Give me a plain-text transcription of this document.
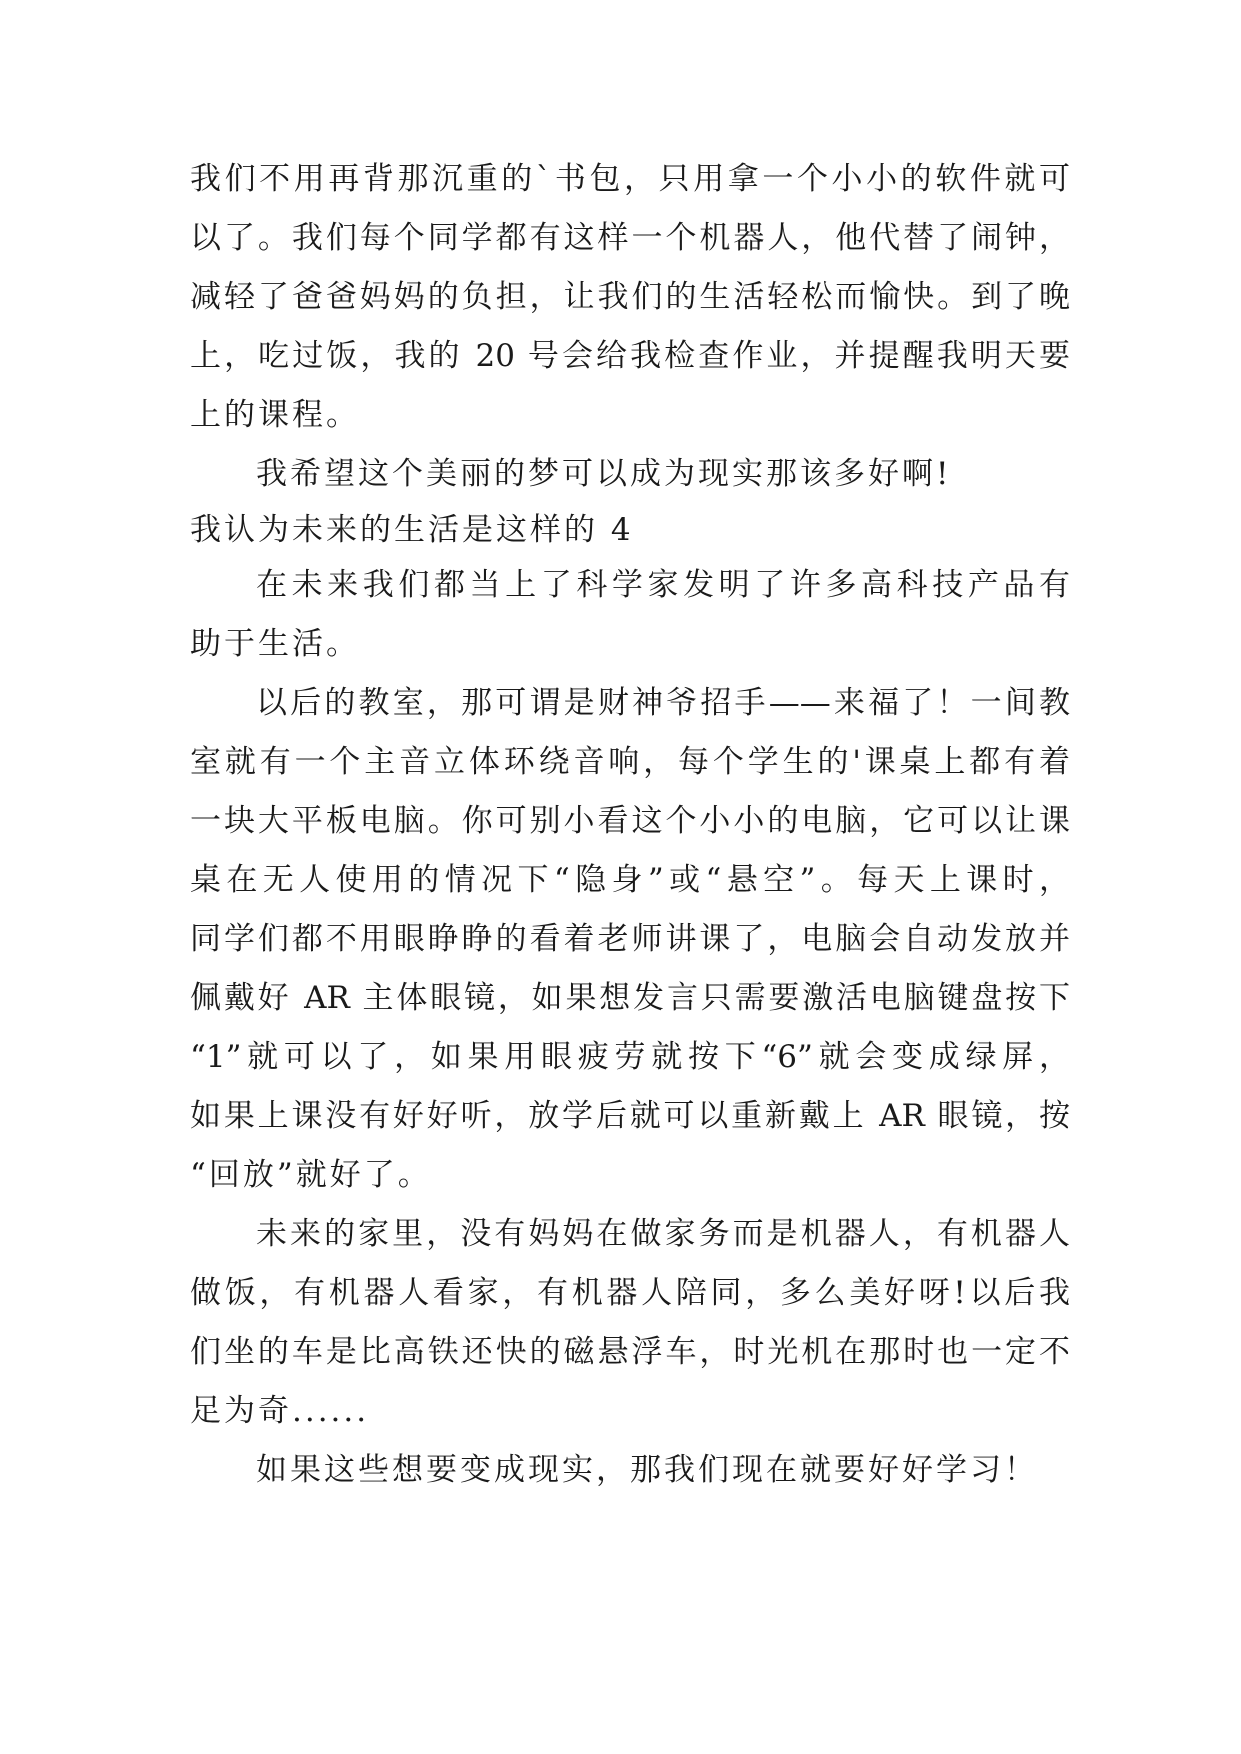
我们不用再背那沉重的`书包，只用拿一个小小的软件就可
以了。我们每个同学都有这样一个机器人，他代替了闹钟，
减轻了爸爸妈妈的负担，让我们的生活轻松而愉快。到了晚
上，吃过饭，我的 20 号会给我检查作业，并提醒我明天要
上的课程。
我希望这个美丽的梦可以成为现实那该多好啊!
我认为未来的生活是这样的 4
在未来我们都当上了科学家发明了许多高科技产品有
助于生活。
以后的教室，那可谓是财神爷招手——来福了！一间教
室就有一个主音立体环绕音响，每个学生的'课桌上都有着
一块大平板电脑。你可别小看这个小小的电脑，它可以让课
桌在无人使用的情况下“隐身”或“悬空”。每天上课时，
同学们都不用眼睁睁的看着老师讲课了，电脑会自动发放并
佩戴好 AR 主体眼镜，如果想发言只需要激活电脑键盘按下
“1”就可以了，如果用眼疲劳就按下“6”就会变成绿屏，
如果上课没有好好听，放学后就可以重新戴上 AR 眼镜，按
“回放”就好了。
未来的家里，没有妈妈在做家务而是机器人，有机器人
做饭，有机器人看家，有机器人陪同，多么美好呀!以后我
们坐的车是比高铁还快的磁悬浮车，时光机在那时也一定不
足为奇......
如果这些想要变成现实，那我们现在就要好好学习！
